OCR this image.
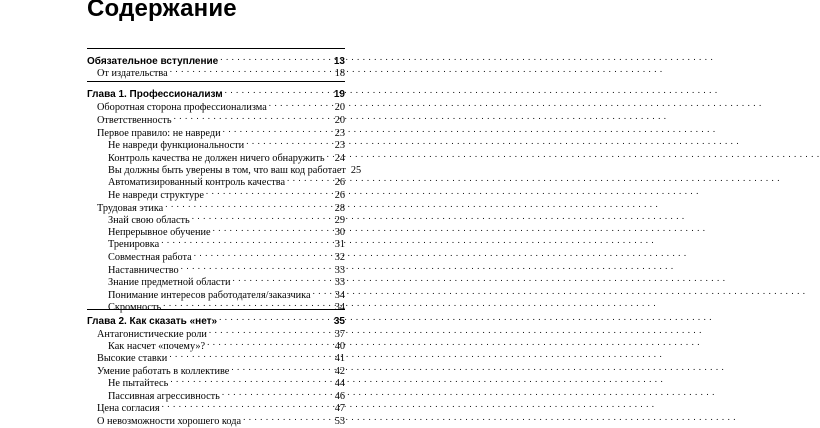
Содержание
Обязательное вступление . . .	13
От издательства . . .	18
Глава 1. Профессионализм . . .	19
Оборотная сторона профессионализма . . .	20
Ответственность . . .	20
Первое правило: не навреди . . .	23
Не навреди функциональности . . .	23
Контроль качества не должен ничего обнаружить . . . 24
Вы должны быть уверены в том, что ваш код работает 25
Автоматизированный контроль качества . . .	26
Не навреди структуре . . .	26
Трудовая этика . . .	28
Знай свою область . . .	29
Непрерывное обучение . . .	30
Тренировка . . .	31
Совместная работа . . .	32
Наставничество . . .	33
Знание предметной области . . .	33
Понимание интересов работодателя/заказчика . . . 34
Скромность . . .	34
Глава 2. Как сказать «нет» . . .	35
Антагонистические роли . . .	37
Как насчет «почему»? . . .	40
Высокие ставки . . .	41
Умение работать в коллективе . . .	42
Не пытайтесь . . .	44
Пассивная агрессивность . . .	46
Цена согласия . . .	47
О невозможности хорошего кода . . .	53
